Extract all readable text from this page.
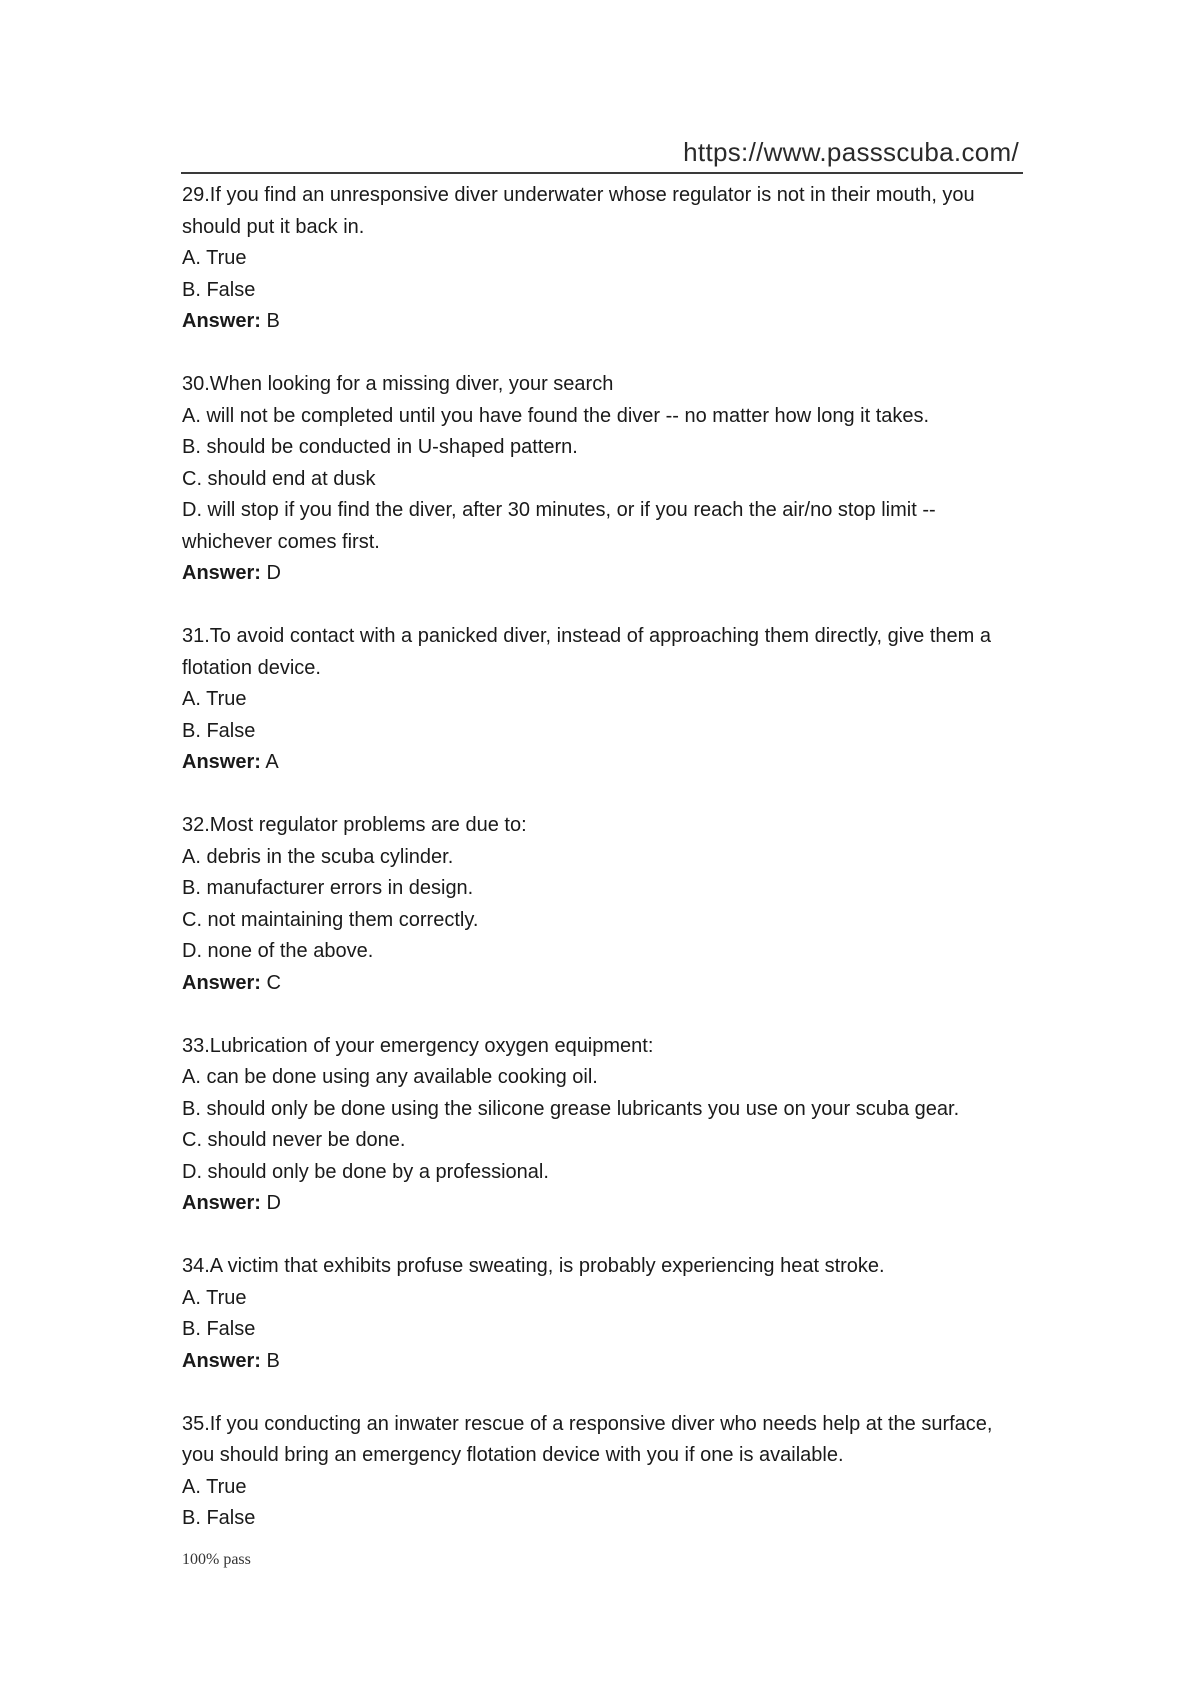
https://www.passscuba.com/

29.If you find an unresponsive diver underwater whose regulator is not in their mouth, you should put it back in.

A. True

B. False

Answer: B

30.When looking for a missing diver, your search

A. will not be completed until you have found the diver -- no matter how long it takes.

B. should be conducted in U-shaped pattern.

C. should end at dusk

D. will stop if you find the diver, after 30 minutes, or if you reach the air/no stop limit -- whichever comes first.

Answer: D

31.To avoid contact with a panicked diver, instead of approaching them directly, give them a flotation device.

A. True

B. False

Answer: A

32.Most regulator problems are due to:

A. debris in the scuba cylinder.

B. manufacturer errors in design.

C. not maintaining them correctly.

D. none of the above.

Answer: C

33.Lubrication of your emergency oxygen equipment:

A. can be done using any available cooking oil.

B. should only be done using the silicone grease lubricants you use on your scuba gear.

C. should never be done.

D. should only be done by a professional.

Answer: D

34.A victim that exhibits profuse sweating, is probably experiencing heat stroke.

A. True

B. False

Answer: B

35.If you conducting an inwater rescue of a responsive diver who needs help at the surface, you should bring an emergency flotation device with you if one is available.

A. True

B. False

100% pass
